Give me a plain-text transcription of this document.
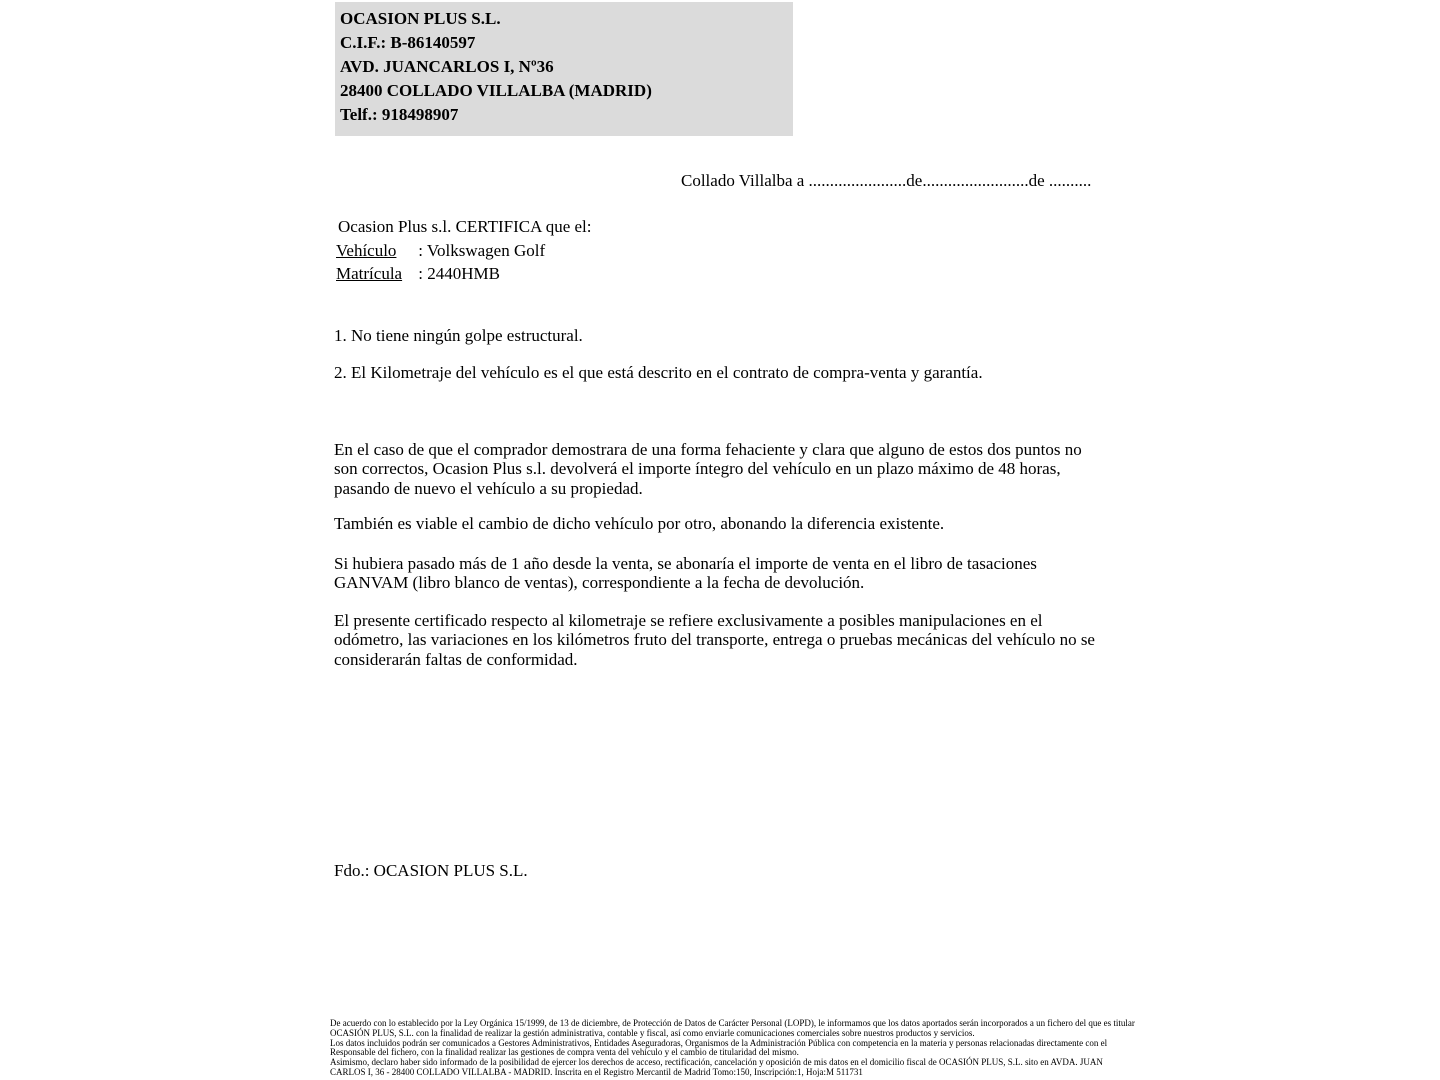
OCASION PLUS S.L.
C.I.F.: B-86140597
AVD. JUANCARLOS I, Nº36
28400 COLLADO VILLALBA (MADRID)
Telf.: 918498907
Collado Villalba a .......................de.........................de ..........

Ocasion Plus s.l. CERTIFICA que el:

Vehículo : Volkswagen Golf

Matrícula : 2440HMB

1. No tiene ningún golpe estructural.

2. El Kilometraje del vehículo es el que está descrito en el contrato de compra-venta y garantía.

En el caso de que el comprador demostrara de una forma fehaciente y clara que alguno de estos dos puntos no son correctos, Ocasion Plus s.l. devolverá el importe íntegro del vehículo en un plazo máximo de 48 horas, pasando de nuevo el vehículo a su propiedad.

También es viable el cambio de dicho vehículo por otro, abonando la diferencia existente.

Si hubiera pasado más de 1 año desde la venta, se abonaría el importe de venta en el libro de tasaciones GANVAM (libro blanco de ventas), correspondiente a la fecha de devolución.

El presente certificado respecto al kilometraje se refiere exclusivamente a posibles manipulaciones en el odómetro, las variaciones en los kilómetros fruto del transporte, entrega o pruebas mecánicas del vehículo no se considerarán faltas de conformidad.

Fdo.: OCASION PLUS S.L.

De acuerdo con lo establecido por la Ley Orgánica 15/1999, de 13 de diciembre, de Protección de Datos de Carácter Personal (LOPD), le informamos que los datos aportados serán incorporados a un fichero del que es titular
OCASIÓN PLUS, S.L. con la finalidad de realizar la gestión administrativa, contable y fiscal, así como enviarle comunicaciones comerciales sobre nuestros productos y servicios.
Los datos incluidos podrán ser comunicados a Gestores Administrativos, Entidades Aseguradoras, Organismos de la Administración Pública con competencia en la materia y personas relacionadas directamente con el
Responsable del fichero, con la finalidad realizar las gestiones de compra venta del vehículo y el cambio de titularidad del mismo.
Asimismo, declaro haber sido informado de la posibilidad de ejercer los derechos de acceso, rectificación, cancelación y oposición de mis datos en el domicilio fiscal de OCASIÓN PLUS, S.L. sito en AVDA. JUAN
CARLOS I, 36 - 28400 COLLADO VILLALBA - MADRID. Inscrita en el Registro Mercantil de Madrid Tomo:150, Inscripción:1, Hoja:M 511731
